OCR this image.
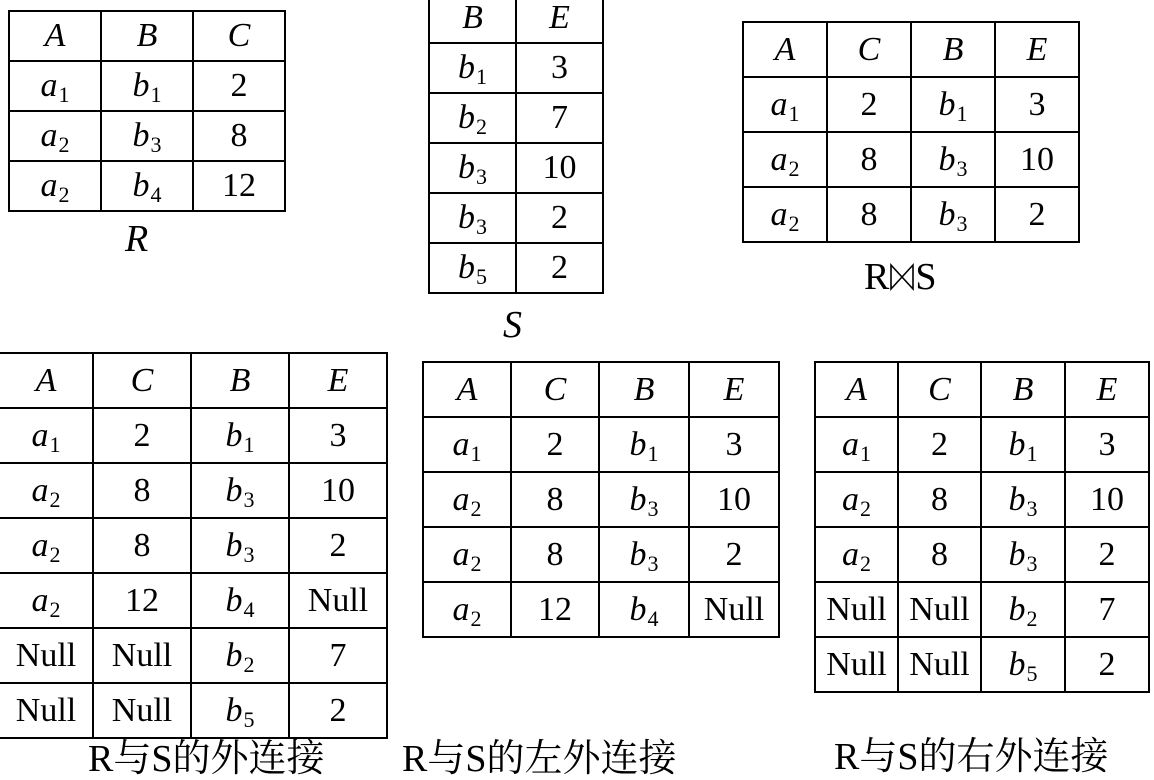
A	B	C
$a_1$	$b_1$	2
$a_2$	$b_3$	8
$a_2$	$b_4$	12
R
B	E
$b_1$	3
$b_2$	7
$b_3$	10
$b_3$	2
$b_5$	2
S
A	C	B	E
$a_1$	2	$b_1$	3
$a_2$	8	$b_3$	10
$a_2$	8	$b_3$	2
R S
A	C	B	E
$a_1$	2	$b_1$	3
$a_2$	8	$b_3$	10
$a_2$	8	$b_3$	2
$a_2$	12	$b_4$	Null
Null	Null	$b_2$	7
Null	Null	$b_5$	2
R与S的外连接
A	C	B	E
$a_1$	2	$b_1$	3
$a_2$	8	$b_3$	10
$a_2$	8	$b_3$	2
$a_2$	12	$b_4$	Null
R与S的左外连接
A	C	B	E
$a_1$	2	$b_1$	3
$a_2$	8	$b_3$	10
$a_2$	8	$b_3$	2
Null	Null	$b_2$	7
Null	Null	$b_5$	2
R与S的右外连接
